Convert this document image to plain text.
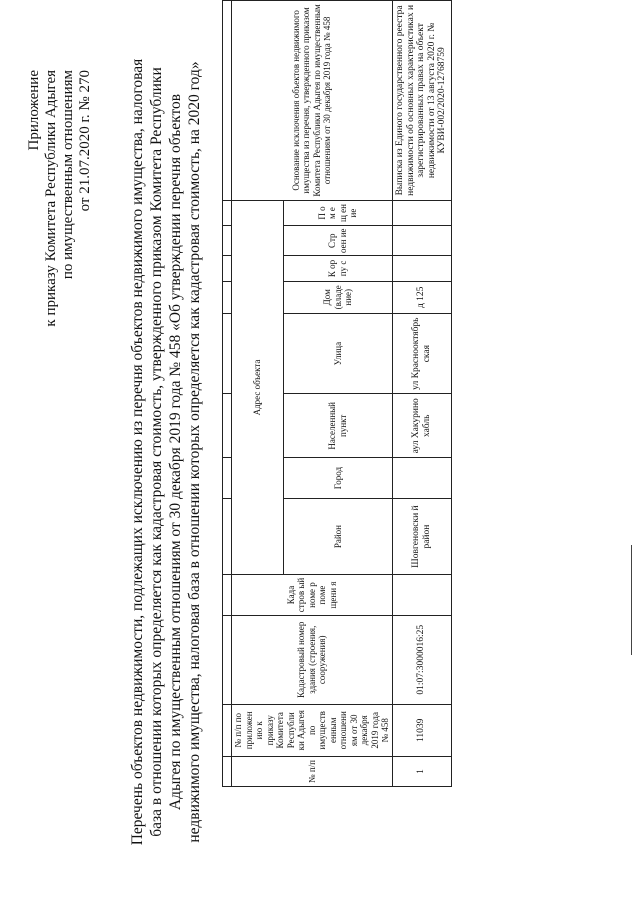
Приложение к приказу Комитета Республики Адыгея по имущественным отношениям от 21.07.2020 г. № 270 Перечень объектов недвижимости, подлежащих исключению из перечня объектов недвижимого имущества, налоговая база в отношении которых определяется как кадастровая стоимость, утвержденного приказом Комитета Республики Адыгея по имущественным отношениям от 30 декабря 2019 года № 458 «Об утверждении перечня объектов недвижимого имущества, налоговая база в отношении которых определяется как кадастровая стоимость, на 2020 год»
													№ п/п	№ п/п по приложен ию к приказу Комитета Республи ки Адыгея по имуществ енным отношени ям от 30 декабря 2019 года № 458	Кадастровый номер здания (строения, сооружения)	Када стров ый номе р поме щени я	Адрес объекта								Основание исключения объектов недвижимого имущества из перечня, утвержденного приказом Комитета Республики Адыгея по имущественным отношениям от 30 декабря 2019 года № 458
				Район	Город	Населенный пункт	Улица	Дом (владе ние)	К ор пу с	Стр оен ие	П о м е щ ен ие	
1	11039	01:07:3000016:25		Шовгеновски й район		аул Хакурино хабль	ул Краснооктябрь ская	д 125				Выписка из Единого государственного реестра недвижимости об основных характеристиках и зарегистрированных правах на объект недвижимости от 13 августа 2020 г. № КУВИ-002/2020-12768759
